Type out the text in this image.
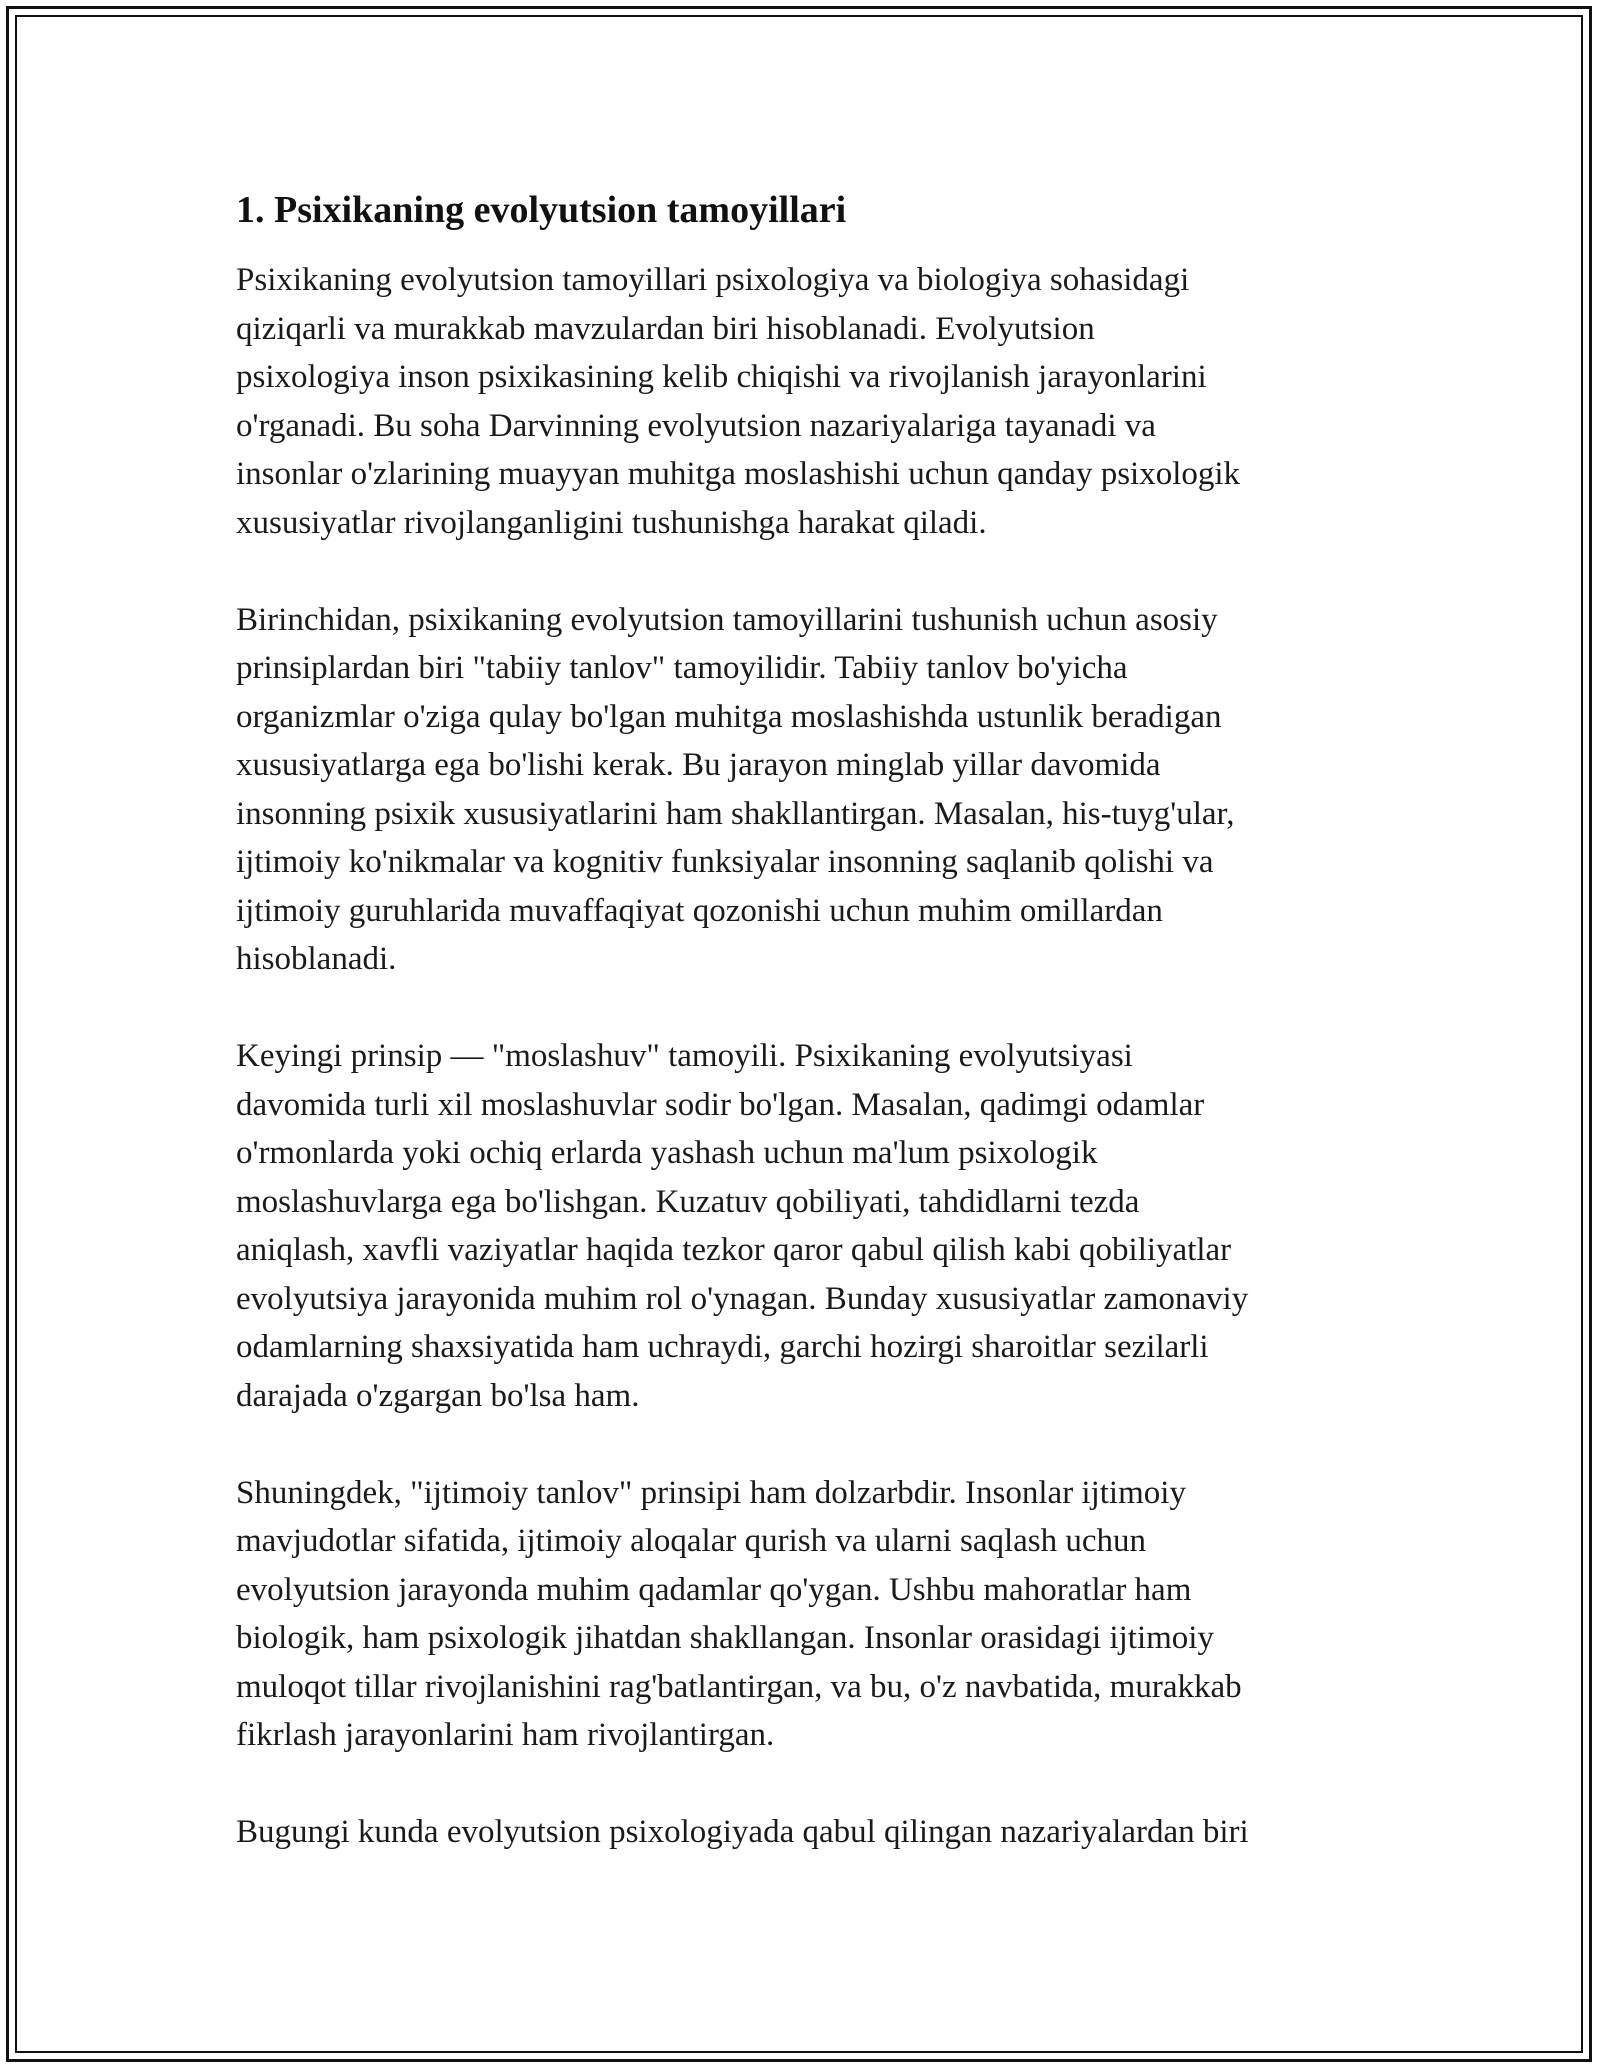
1. Psixikaning evolyutsion tamoyillari

Psixikaning evolyutsion tamoyillari psixologiya va biologiya sohasidagi
qiziqarli va murakkab mavzulardan biri hisoblanadi. Evolyutsion
psixologiya inson psixikasining kelib chiqishi va rivojlanish jarayonlarini
o'rganadi. Bu soha Darvinning evolyutsion nazariyalariga tayanadi va
insonlar o'zlarining muayyan muhitga moslashishi uchun qanday psixologik
xususiyatlar rivojlanganligini tushunishga harakat qiladi.

Birinchidan, psixikaning evolyutsion tamoyillarini tushunish uchun asosiy
prinsiplardan biri "tabiiy tanlov" tamoyilidir. Tabiiy tanlov bo'yicha
organizmlar o'ziga qulay bo'lgan muhitga moslashishda ustunlik beradigan
xususiyatlarga ega bo'lishi kerak. Bu jarayon minglab yillar davomida
insonning psixik xususiyatlarini ham shakllantirgan. Masalan, his-tuyg'ular,
ijtimoiy ko'nikmalar va kognitiv funksiyalar insonning saqlanib qolishi va
ijtimoiy guruhlarida muvaffaqiyat qozonishi uchun muhim omillardan
hisoblanadi.

Keyingi prinsip — "moslashuv" tamoyili. Psixikaning evolyutsiyasi
davomida turli xil moslashuvlar sodir bo'lgan. Masalan, qadimgi odamlar
o'rmonlarda yoki ochiq erlarda yashash uchun ma'lum psixologik
moslashuvlarga ega bo'lishgan. Kuzatuv qobiliyati, tahdidlarni tezda
aniqlash, xavfli vaziyatlar haqida tezkor qaror qabul qilish kabi qobiliyatlar
evolyutsiya jarayonida muhim rol o'ynagan. Bunday xususiyatlar zamonaviy
odamlarning shaxsiyatida ham uchraydi, garchi hozirgi sharoitlar sezilarli
darajada o'zgargan bo'lsa ham.

Shuningdek, "ijtimoiy tanlov" prinsipi ham dolzarbdir. Insonlar ijtimoiy
mavjudotlar sifatida, ijtimoiy aloqalar qurish va ularni saqlash uchun
evolyutsion jarayonda muhim qadamlar qo'ygan. Ushbu mahoratlar ham
biologik, ham psixologik jihatdan shakllangan. Insonlar orasidagi ijtimoiy
muloqot tillar rivojlanishini rag'batlantirgan, va bu, o'z navbatida, murakkab
fikrlash jarayonlarini ham rivojlantirgan.

Bugungi kunda evolyutsion psixologiyada qabul qilingan nazariyalardan biri
